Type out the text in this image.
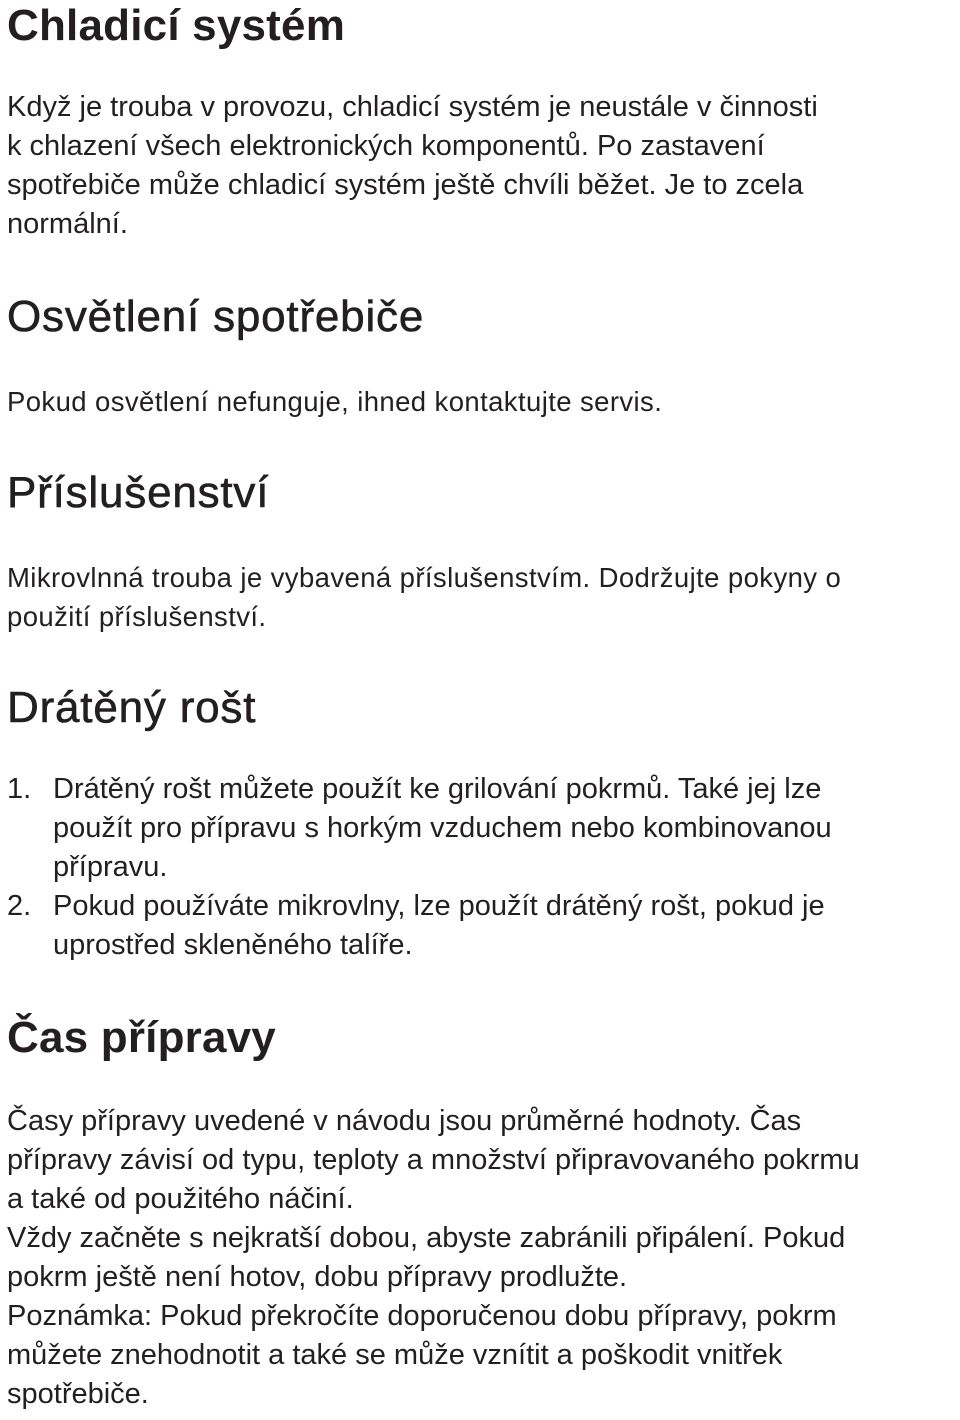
Chladicí systém

Když je trouba v provozu, chladicí systém je neustále v činnosti
k chlazení všech elektronických komponentů. Po zastavení
spotřebiče může chladicí systém ještě chvíli běžet. Je to zcela
normální.

Osvětlení spotřebiče

Pokud osvětlení nefunguje, ihned kontaktujte servis.

Příslušenství

Mikrovlnná trouba je vybavená příslušenstvím. Dodržujte pokyny o
použití příslušenství.

Drátěný rošt
1. Drátěný rošt můžete použít ke grilování pokrmů. Také jej lze
použít pro přípravu s horkým vzduchem nebo kombinovanou
přípravu.
2. Pokud používáte mikrovlny, lze použít drátěný rošt, pokud je
uprostřed skleněného talíře.
Čas přípravy

Časy přípravy uvedené v návodu jsou průměrné hodnoty. Čas
přípravy závisí od typu, teploty a množství připravovaného pokrmu
a také od použitého náčiní.
Vždy začněte s nejkratší dobou, abyste zabránili připálení. Pokud
pokrm ještě není hotov, dobu přípravy prodlužte.
Poznámka: Pokud překročíte doporučenou dobu přípravy, pokrm
můžete znehodnotit a také se může vznítit a poškodit vnitřek
spotřebiče.
